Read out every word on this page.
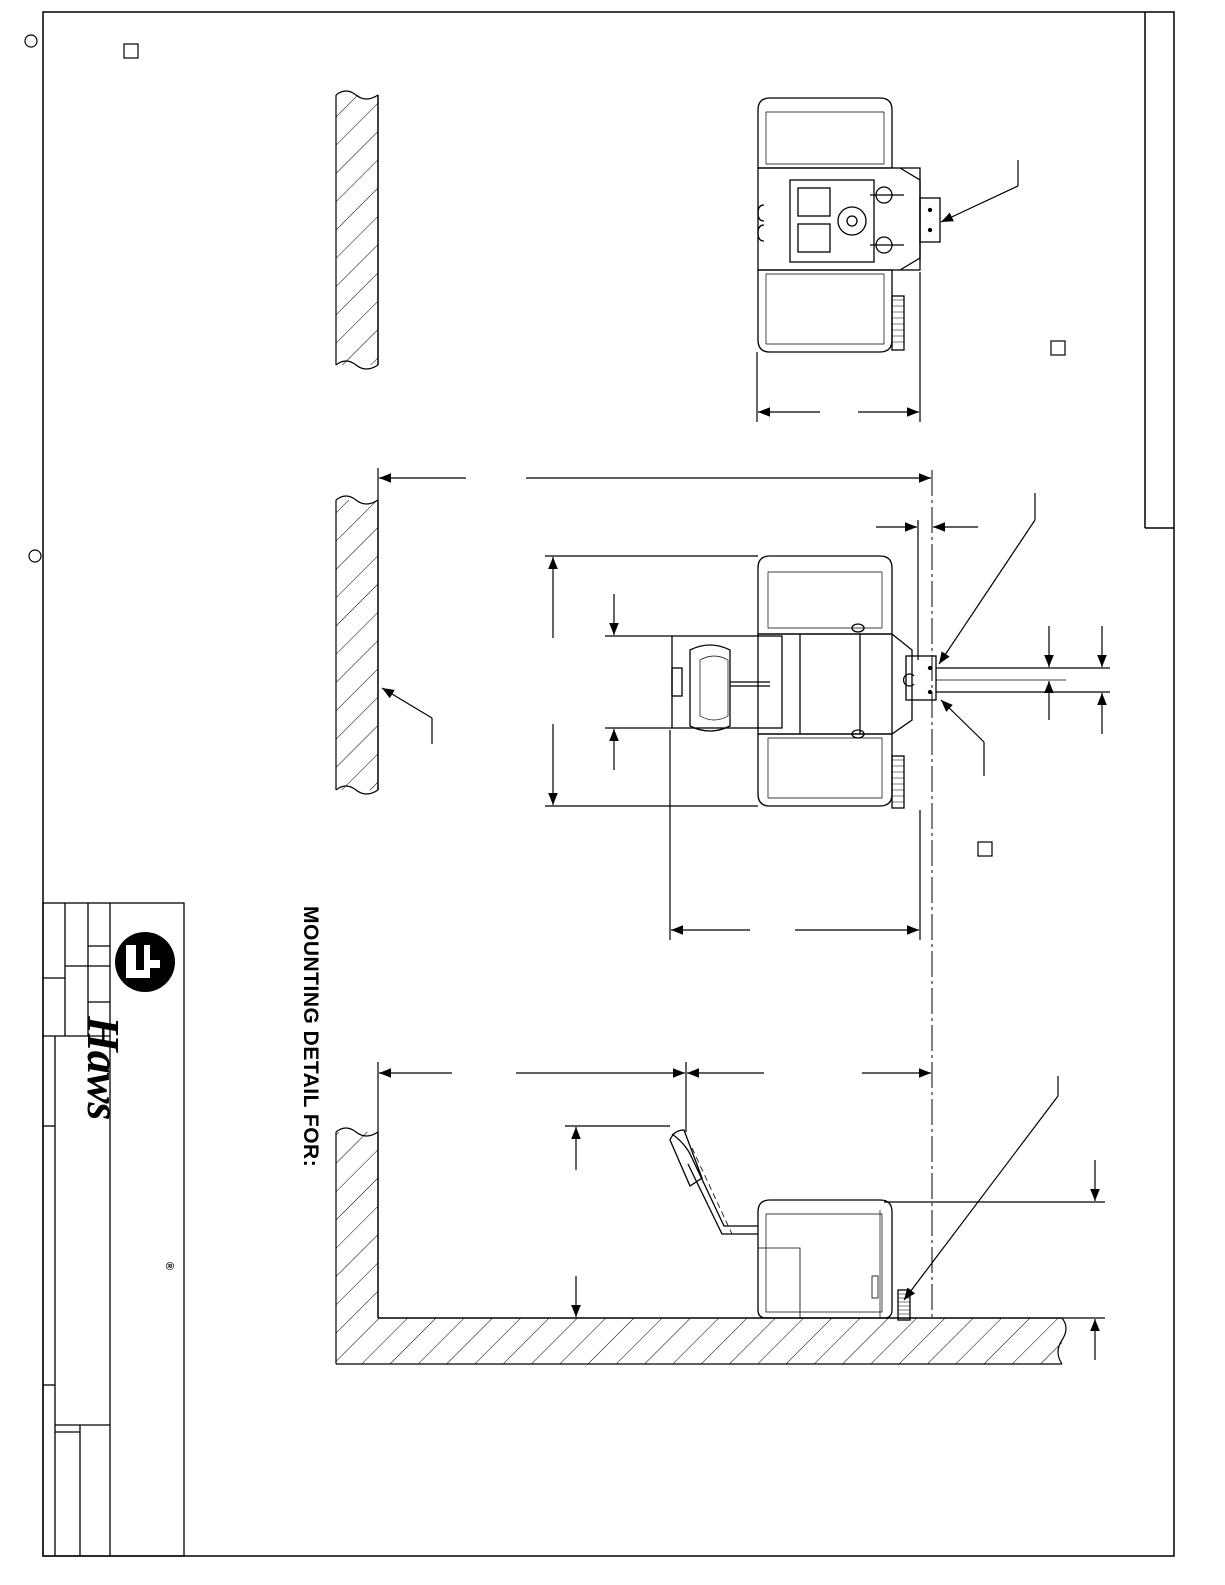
MOUNTING DETAIL FOR:
Haws
®
